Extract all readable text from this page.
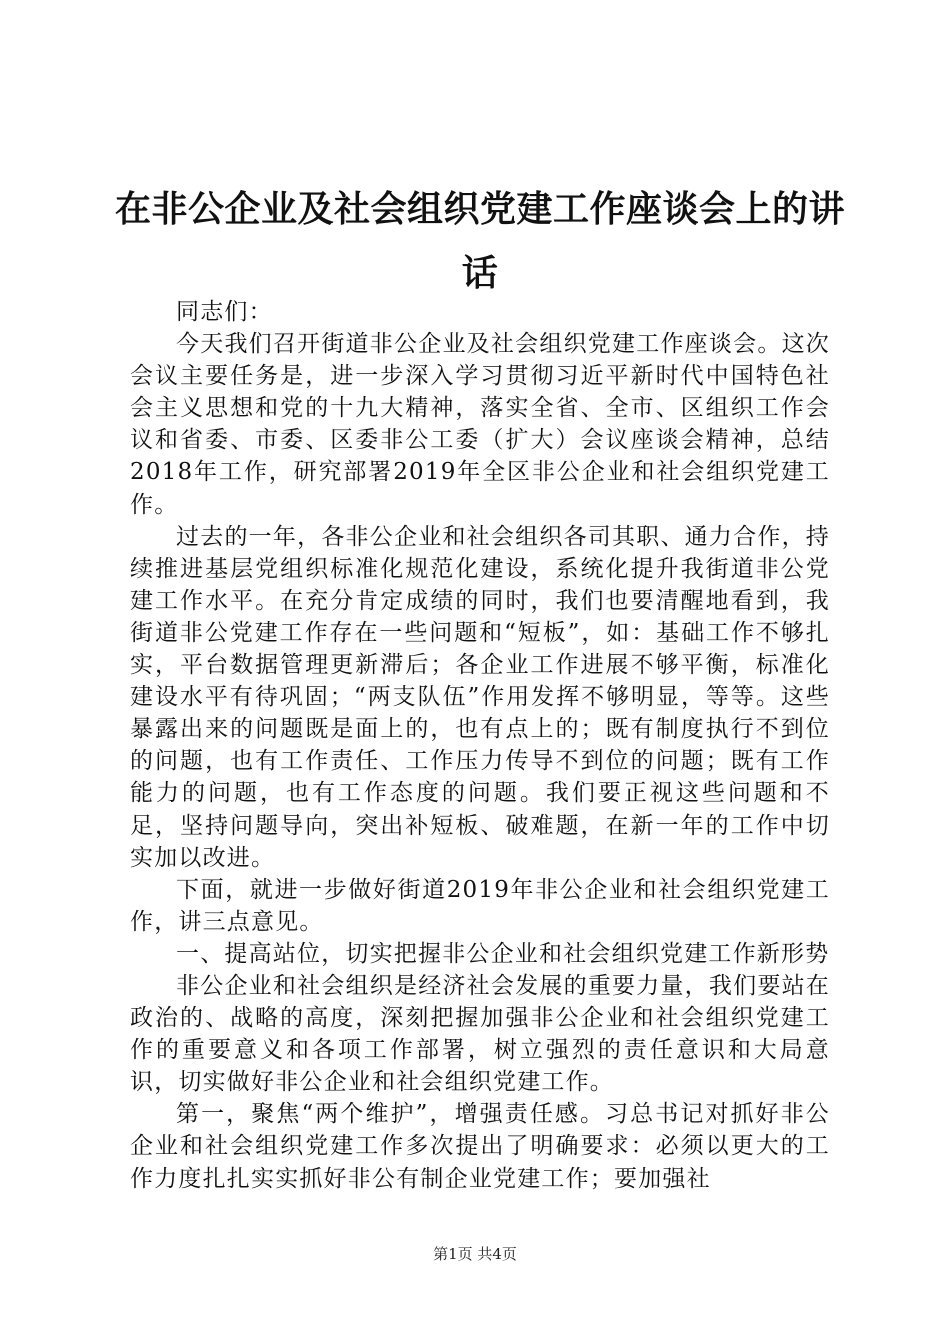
在非公企业及社会组织党建工作座谈会上的讲话

同志们：

今天我们召开街道非公企业及社会组织党建工作座谈会。这次会议主要任务是，进一步深入学习贯彻习近平新时代中国特色社会主义思想和党的十九大精神，落实全省、全市、区组织工作会议和省委、市委、区委非公工委（扩大）会议座谈会精神，总结2018年工作，研究部署2019年全区非公企业和社会组织党建工作。

过去的一年，各非公企业和社会组织各司其职、通力合作，持续推进基层党组织标准化规范化建设，系统化提升我街道非公党建工作水平。在充分肯定成绩的同时，我们也要清醒地看到，我街道非公党建工作存在一些问题和“短板”，如：基础工作不够扎实，平台数据管理更新滞后；各企业工作进展不够平衡，标准化建设水平有待巩固；“两支队伍”作用发挥不够明显，等等。这些暴露出来的问题既是面上的，也有点上的；既有制度执行不到位的问题，也有工作责任、工作压力传导不到位的问题；既有工作能力的问题，也有工作态度的问题。我们要正视这些问题和不足，坚持问题导向，突出补短板、破难题，在新一年的工作中切实加以改进。

下面，就进一步做好街道2019年非公企业和社会组织党建工作，讲三点意见。

一、提高站位，切实把握非公企业和社会组织党建工作新形势

非公企业和社会组织是经济社会发展的重要力量，我们要站在政治的、战略的高度，深刻把握加强非公企业和社会组织党建工作的重要意义和各项工作部署，树立强烈的责任意识和大局意识，切实做好非公企业和社会组织党建工作。

第一，聚焦“两个维护”，增强责任感。习总书记对抓好非公企业和社会组织党建工作多次提出了明确要求：必须以更大的工作力度扎扎实实抓好非公有制企业党建工作；要加强社

第1页 共4页
